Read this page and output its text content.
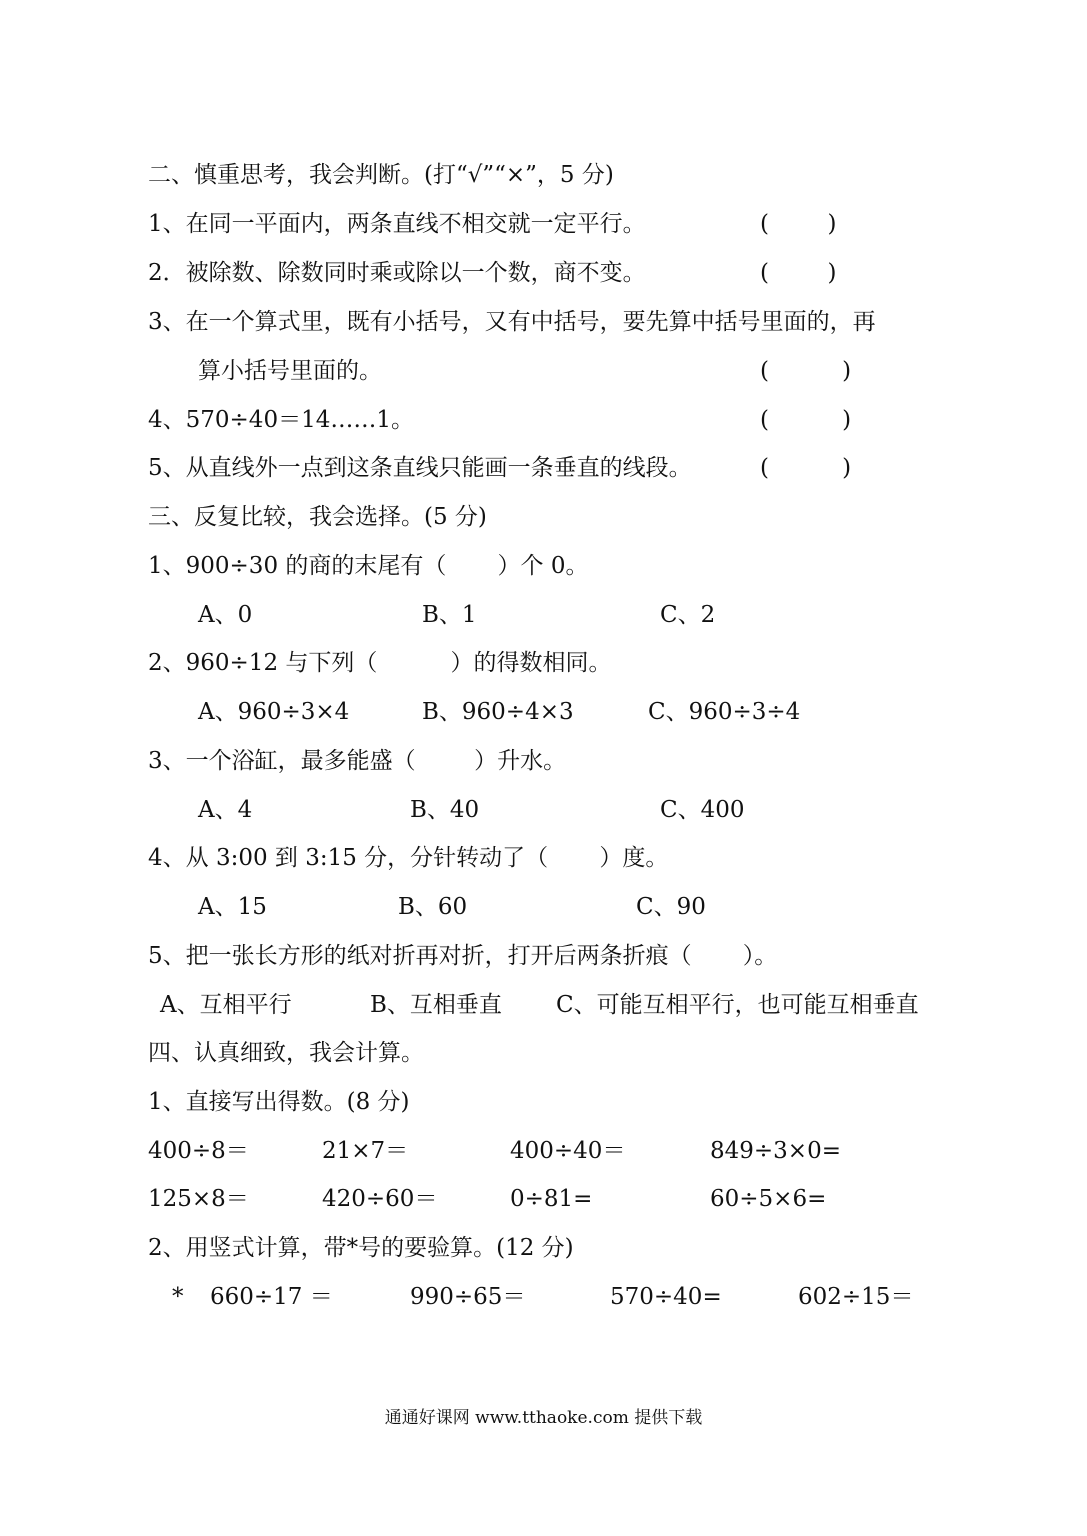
二、慎重思考，我会判断。(打“√”“×”，5 分)
1、在同一平面内，两条直线不相交就一定平行。	(        )
2．被除数、除数同时乘或除以一个数，商不变。	(        )
3、在一个算式里，既有小括号，又有中括号，要先算中括号里面的，再
算小括号里面的。	(          )
4、570÷40＝14……1。	(          )
5、从直线外一点到这条直线只能画一条垂直的线段。	(          )
三、反复比较，我会选择。(5 分)
1、900÷30 的商的末尾有（       ）个 0。
A、0	B、1	C、2
2、960÷12 与下列（          ）的得数相同。
A、960÷3×4	B、960÷4×3	C、960÷3÷4
3、一个浴缸，最多能盛（        ）升水。
A、4	B、40	C、400
4、从 3:00 到 3:15 分，分针转动了（       ）度。
A、15	B、60	C、90
5、把一张长方形的纸对折再对折，打开后两条折痕（       ）。
A、互相平行	B、互相垂直 C、可能互相平行，也可能互相垂直
四、认真细致，我会计算。
1、直接写出得数。(8 分)
400÷8＝	21×7＝	400÷40＝	849÷3×0=
125×8＝	420÷60＝	0÷81=	60÷5×6=
2、用竖式计算，带*号的要验算。(12 分)
* 660÷17 ＝	990÷65＝	570÷40=	602÷15＝
通通好课网 www.tthaoke.com 提供下载
